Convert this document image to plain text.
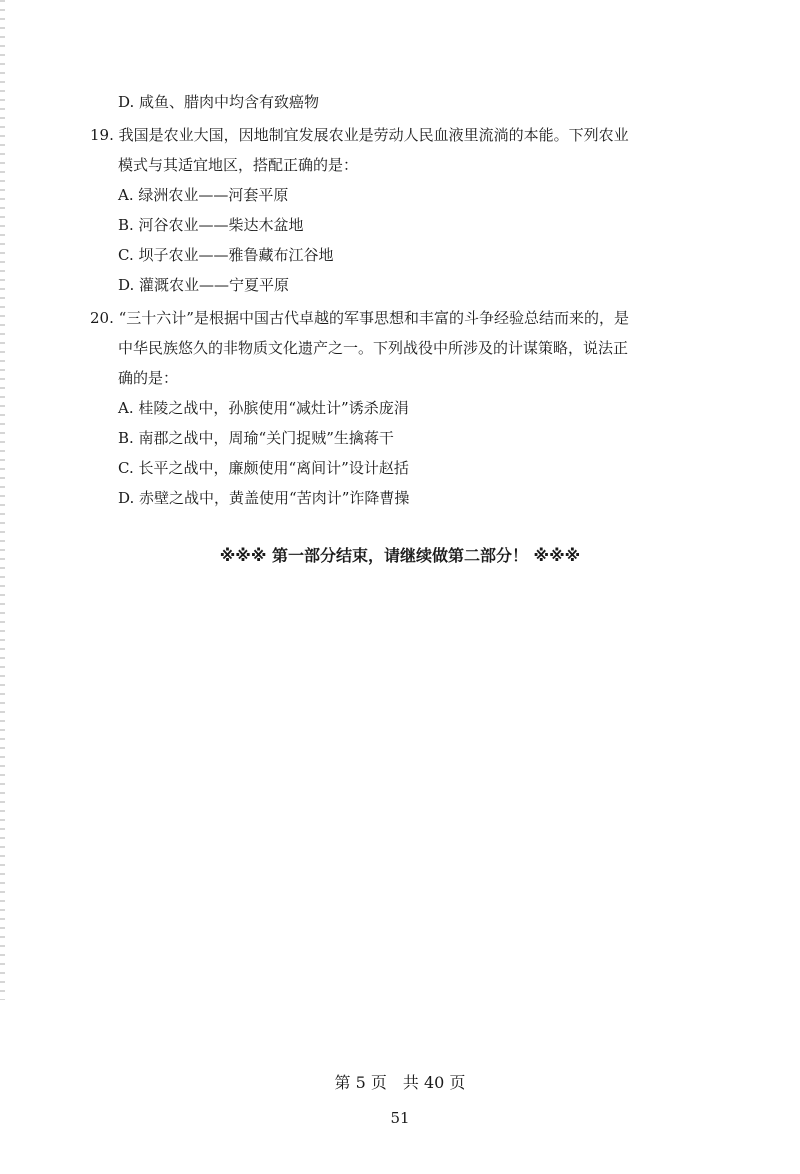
D. 咸鱼、腊肉中均含有致癌物
19. 我国是农业大国，因地制宜发展农业是劳动人民血液里流淌的本能。下列农业
模式与其适宜地区，搭配正确的是：
A. 绿洲农业——河套平原
B. 河谷农业——柴达木盆地
C. 坝子农业——雅鲁藏布江谷地
D. 灌溉农业——宁夏平原
20. “三十六计”是根据中国古代卓越的军事思想和丰富的斗争经验总结而来的，是
中华民族悠久的非物质文化遗产之一。下列战役中所涉及的计谋策略，说法正
确的是：
A. 桂陵之战中，孙膑使用“减灶计”诱杀庞涓
B. 南郡之战中，周瑜“关门捉贼”生擒蒋干
C. 长平之战中，廉颇使用“离间计”设计赵括
D. 赤壁之战中，黄盖使用“苦肉计”诈降曹操
※※※ 第一部分结束，请继续做第二部分！ ※※※
第 5 页　共 40 页
51
